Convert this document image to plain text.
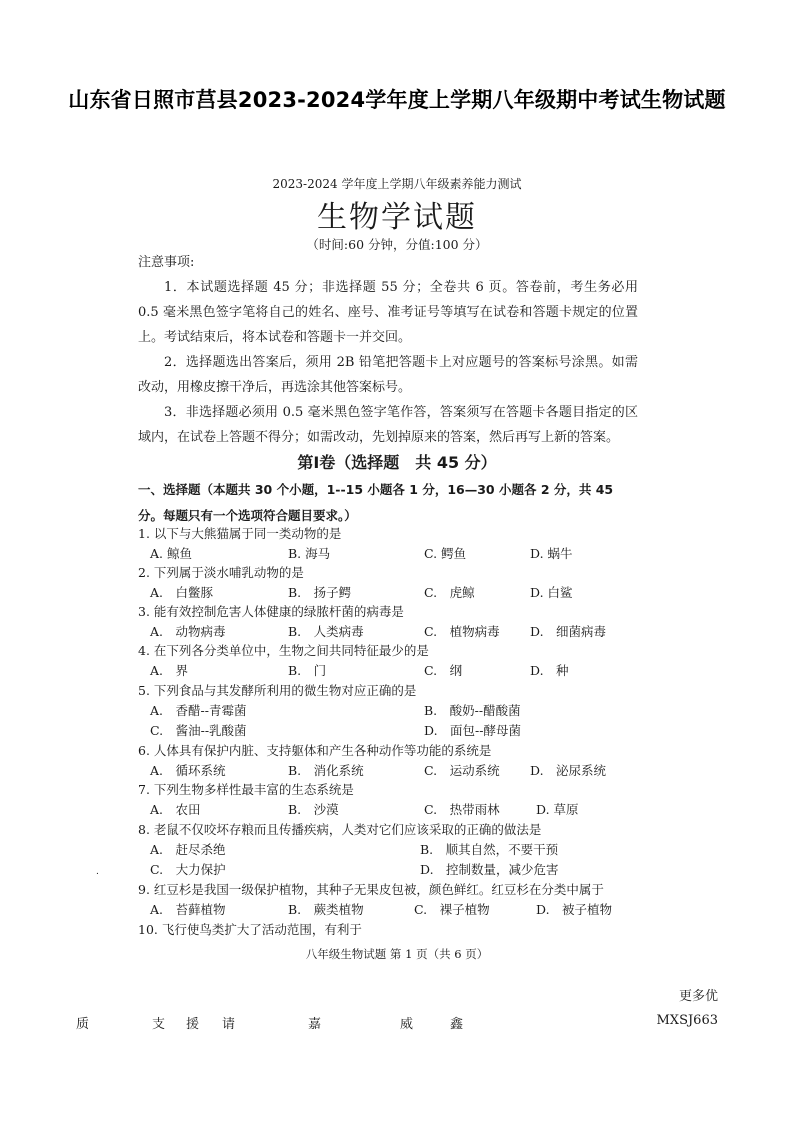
山东省日照市莒县2023-2024学年度上学期八年级期中考试生物试题
2023-2024 学年度上学期八年级素养能力测试
生物学试题
（时间:60 分钟，分值:100 分）
注意事项:
1．本试题选择题 45 分；非选择题 55 分；全卷共 6 页。答卷前，考生务必用 0.5 毫米黑色签字笔将自己的姓名、座号、准考证号等填写在试卷和答题卡规定的位置上。考试结束后，将本试卷和答题卡一并交回。
2．选择题选出答案后，须用 2B 铅笔把答题卡上对应题号的答案标号涂黑。如需改动，用橡皮擦干净后，再选涂其他答案标号。
3．非选择题必须用 0.5 毫米黑色签字笔作答，答案须写在答题卡各题目指定的区域内，在试卷上答题不得分；如需改动，先划掉原来的答案，然后再写上新的答案。
第Ⅰ卷（选择题　共 45 分）
一、选择题（本题共 30 个小题，1--15 小题各 1 分，16—30 小题各 2 分，共 45 分。每题只有一个选项符合题目要求。）
1. 以下与大熊猫属于同一类动物的是
A. 鲸鱼	B. 海马	C. 鳄鱼	D. 蜗牛
2. 下列属于淡水哺乳动物的是
A.　白鳖豚	B.　扬子鳄	C.　虎鲸	D. 白鲨
3. 能有效控制危害人体健康的绿脓杆菌的病毒是
A.　动物病毒	B.　人类病毒	C.　植物病毒 D.　细菌病毒
4. 在下列各分类单位中，生物之间共同特征最少的是
A.　界	B.　门	C.　纲	D.　种
5. 下列食品与其发酵所利用的微生物对应正确的是
A.　香醋--青霉菌	B.　酸奶--醋酸菌
C.　酱油--乳酸菌	D.　面包--酵母菌
6. 人体具有保护内脏、支持躯体和产生各种动作等功能的系统是
A.　循环系统	B.　消化系统	C.　运动系统 D.　泌尿系统
7. 下列生物多样性最丰富的生态系统是
A.　农田	B.　沙漠	C.　热带雨林	D. 草原
8. 老鼠不仅咬坏存粮而且传播疾病，人类对它们应该采取的正确的做法是
A.　赶尽杀绝	B.　顺其自然，不要干预
C.　大力保护	D.　控制数量，减少危害
.
9. 红豆杉是我国一级保护植物，其种子无果皮包被，颜色鲜红。红豆杉在分类中属于
A.　苔藓植物	B.　蕨类植物	C.　裸子植物	D.　被子植物
10. 飞行使鸟类扩大了活动范围，有利于
八年级生物试题 第 1 页（共 6 页）
更多优
质	支 援 请	嘉	威	鑫	MXSJ663
